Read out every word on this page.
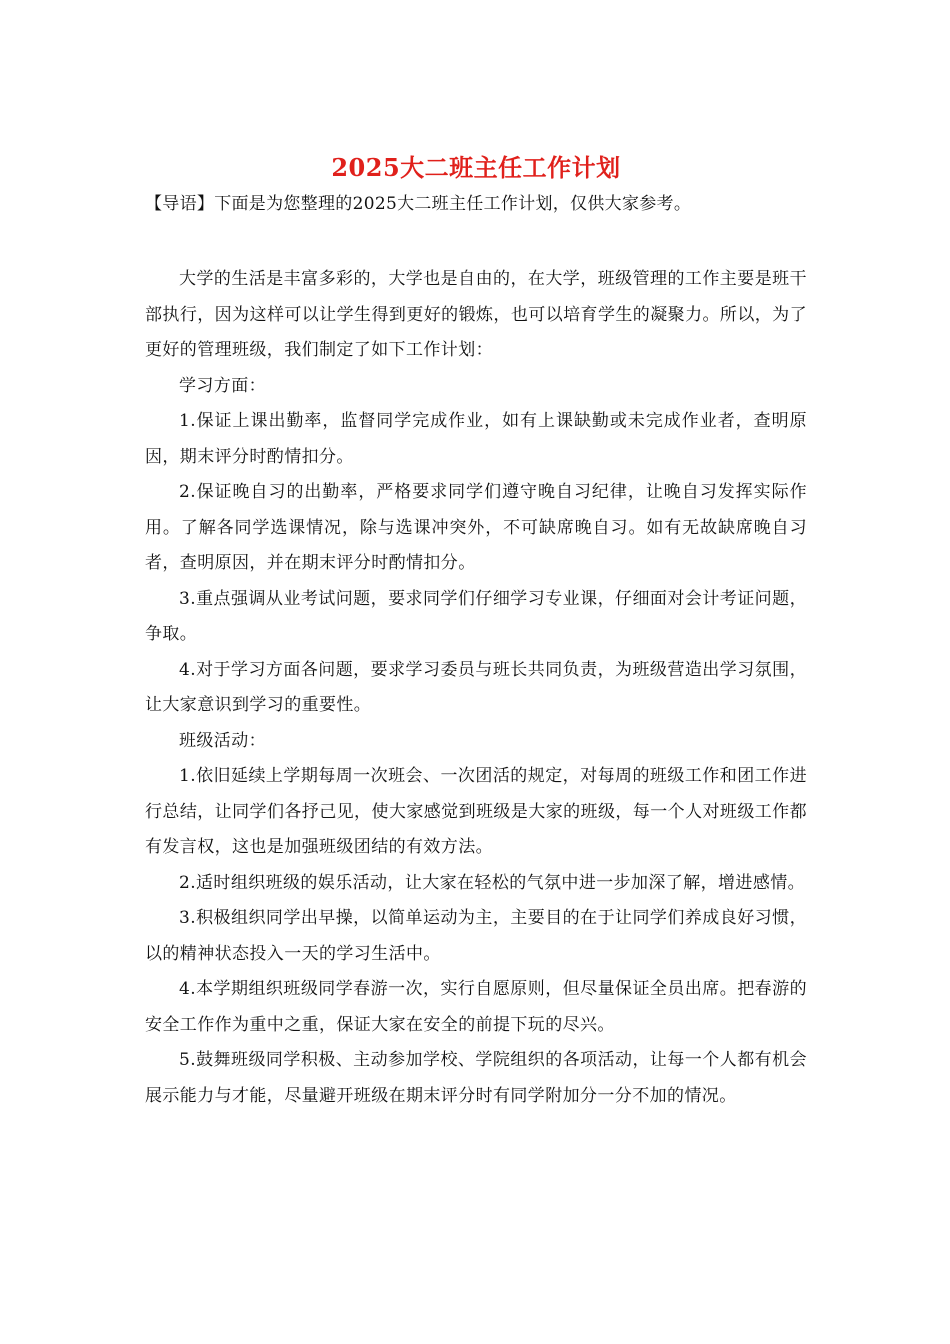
2025大二班主任工作计划

【导语】下面是为您整理的2025大二班主任工作计划，仅供大家参考。

大学的生活是丰富多彩的，大学也是自由的，在大学，班级管理的工作主要是班干部执行，因为这样可以让学生得到更好的锻炼，也可以培育学生的凝聚力。所以，为了更好的管理班级，我们制定了如下工作计划：

学习方面：

1.保证上课出勤率，监督同学完成作业，如有上课缺勤或未完成作业者，查明原因，期末评分时酌情扣分。

2.保证晚自习的出勤率，严格要求同学们遵守晚自习纪律，让晚自习发挥实际作用。了解各同学选课情况，除与选课冲突外，不可缺席晚自习。如有无故缺席晚自习者，查明原因，并在期末评分时酌情扣分。

3.重点强调从业考试问题，要求同学们仔细学习专业课，仔细面对会计考证问题，争取。

4.对于学习方面各问题，要求学习委员与班长共同负责，为班级营造出学习氛围，让大家意识到学习的重要性。

班级活动：

1.依旧延续上学期每周一次班会、一次团活的规定，对每周的班级工作和团工作进行总结，让同学们各抒己见，使大家感觉到班级是大家的班级，每一个人对班级工作都有发言权，这也是加强班级团结的有效方法。

2.适时组织班级的娱乐活动，让大家在轻松的气氛中进一步加深了解，增进感情。

3.积极组织同学出早操，以简单运动为主，主要目的在于让同学们养成良好习惯，以的精神状态投入一天的学习生活中。

4.本学期组织班级同学春游一次，实行自愿原则，但尽量保证全员出席。把春游的安全工作作为重中之重，保证大家在安全的前提下玩的尽兴。

5.鼓舞班级同学积极、主动参加学校、学院组织的各项活动，让每一个人都有机会展示能力与才能，尽量避开班级在期末评分时有同学附加分一分不加的情况。
